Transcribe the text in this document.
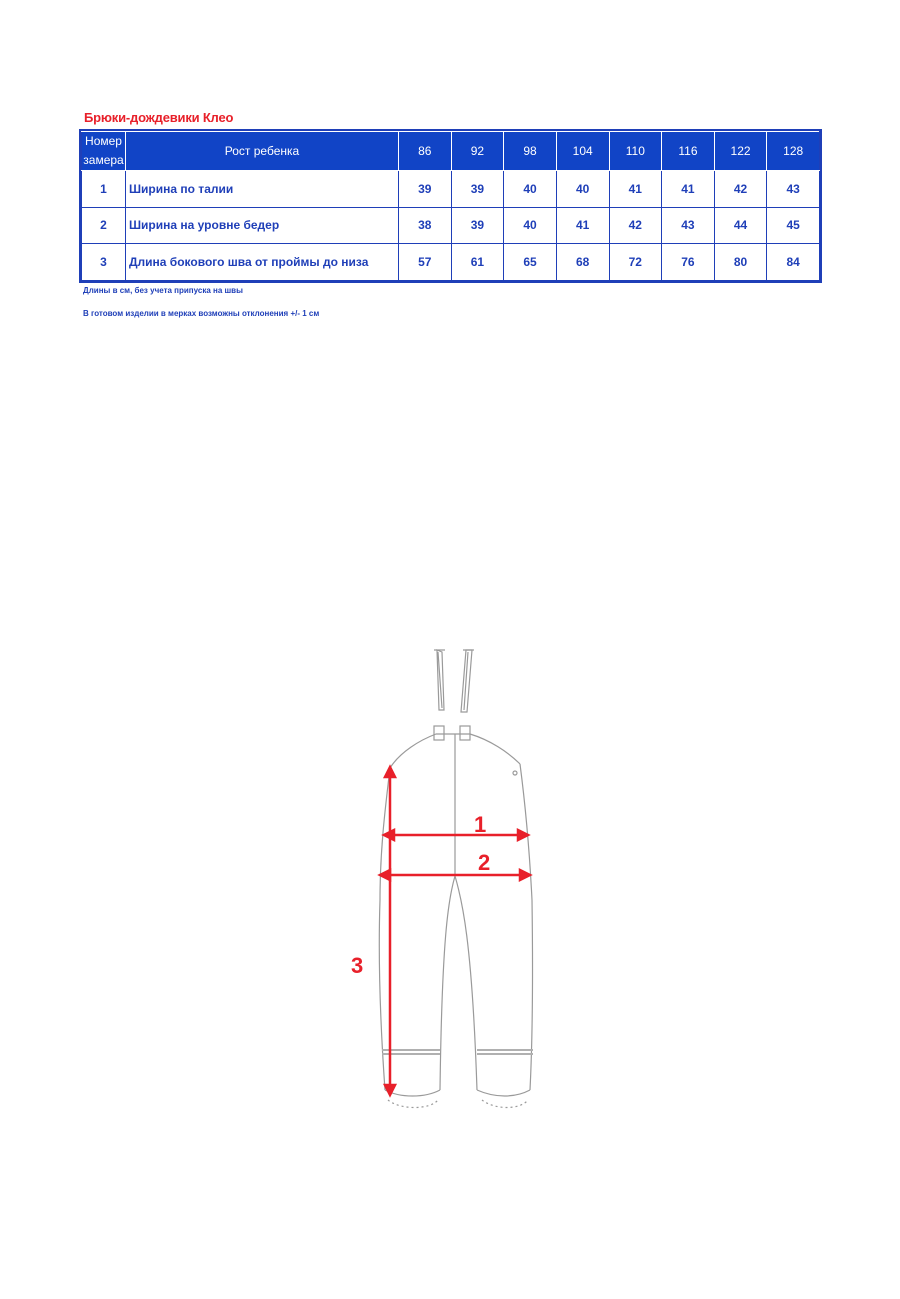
Брюки-дождевики Клео
Номер
замера	Рост ребенка	86	92	98	104	110	116	122	128
1	Ширина по талии	39	39	40	40	41	41	42	43
2	Ширина на уровне бедер	38	39	40	41	42	43	44	45
3	Длина бокового шва от проймы до низа	57	61	65	68	72	76	80	84
Длины в см, без учета припуска на швы
В готовом изделии в мерках возможны отклонения +/- 1 см
1
2
3
